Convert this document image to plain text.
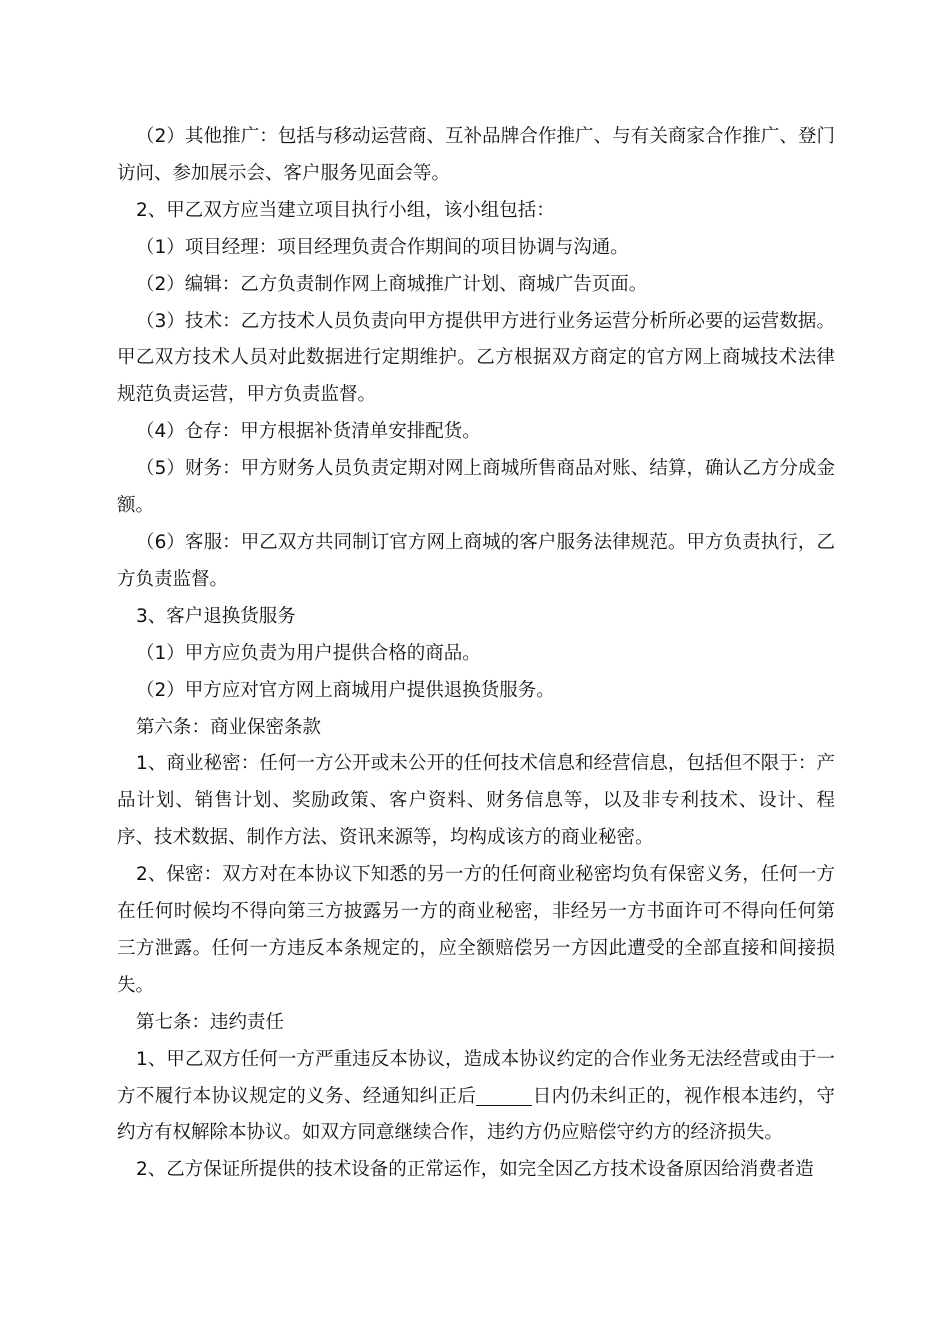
（2）其他推广：包括与移动运营商、互补品牌合作推广、与有关商家合作推广、登门访问、参加展示会、客户服务见面会等。

2、甲乙双方应当建立项目执行小组，该小组包括：

（1）项目经理：项目经理负责合作期间的项目协调与沟通。

（2）编辑：乙方负责制作网上商城推广计划、商城广告页面。

（3）技术：乙方技术人员负责向甲方提供甲方进行业务运营分析所必要的运营数据。甲乙双方技术人员对此数据进行定期维护。乙方根据双方商定的官方网上商城技术法律规范负责运营，甲方负责监督。

（4）仓存：甲方根据补货清单安排配货。

（5）财务：甲方财务人员负责定期对网上商城所售商品对账、结算，确认乙方分成金额。

（6）客服：甲乙双方共同制订官方网上商城的客户服务法律规范。甲方负责执行，乙方负责监督。

3、客户退换货服务

（1）甲方应负责为用户提供合格的商品。

（2）甲方应对官方网上商城用户提供退换货服务。

第六条：商业保密条款

1、商业秘密：任何一方公开或未公开的任何技术信息和经营信息，包括但不限于：产品计划、销售计划、奖励政策、客户资料、财务信息等，以及非专利技术、设计、程序、技术数据、制作方法、资讯来源等，均构成该方的商业秘密。

2、保密：双方对在本协议下知悉的另一方的任何商业秘密均负有保密义务，任何一方在任何时候均不得向第三方披露另一方的商业秘密，非经另一方书面许可不得向任何第三方泄露。任何一方违反本条规定的，应全额赔偿另一方因此遭受的全部直接和间接损失。

第七条：违约责任

1、甲乙双方任何一方严重违反本协议，造成本协议约定的合作业务无法经营或由于一方不履行本协议规定的义务、经通知纠正后	日内仍未纠正的，视作根本违约，守约方有权解除本协议。如双方同意继续合作，违约方仍应赔偿守约方的经济损失。

2、乙方保证所提供的技术设备的正常运作，如完全因乙方技术设备原因给消费者造
